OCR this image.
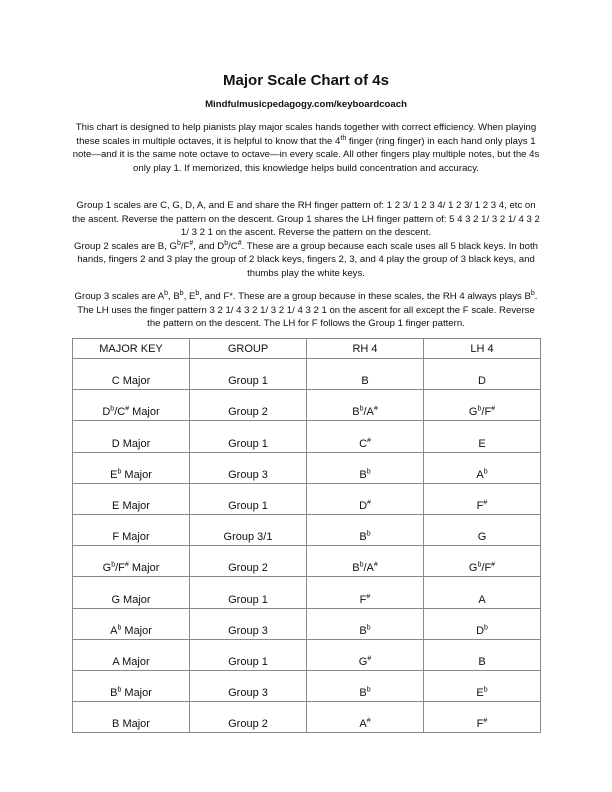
Major Scale Chart of 4s
Mindfulmusicpedagogy.com/keyboardcoach

This chart is designed to help pianists play major scales hands together with correct efficiency. When playing these scales in multiple octaves, it is helpful to know that the 4th finger (ring finger) in each hand only plays 1 note—and it is the same note octave to octave—in every scale. All other fingers play multiple notes, but the 4s only play 1. If memorized, this knowledge helps build concentration and accuracy.

Group 1 scales are C, G, D, A, and E and share the RH finger pattern of: 1 2 3/ 1 2 3 4/ 1 2 3/ 1 2 3 4, etc on the ascent. Reverse the pattern on the descent. Group 1 shares the LH finger pattern of: 5 4 3 2 1/ 3 2 1/ 4 3 2 1/ 3 2 1 on the ascent. Reverse the pattern on the descent.
Group 2 scales are B, $G^b/F^{\#}$, and $D^b/C^{\#}$. These are a group because each scale uses all 5 black keys. In both hands, fingers 2 and 3 play the group of 2 black keys, fingers 2, 3, and 4 play the group of 3 black keys, and thumbs play the white keys.

Group 3 scales are $A^b$, $B^b$, $E^b$, and F*. These are a group because in these scales, the RH 4 always plays $B^b$. The LH uses the finger pattern 3 2 1/ 4 3 2 1/ 3 2 1/ 4 3 2 1 on the ascent for all except the F scale. Reverse the pattern on the descent. The LH for F follows the Group 1 finger pattern.

MAJOR KEY	GROUP	RH 4	LH 4
C Major	Group 1	B	D
$D^b/C^{\#}$ Major	Group 2	$B^b/A^{\#}$	$G^b/F^{\#}$
D Major	Group 1	C#	E
$E^b$ Major	Group 3	$B^b$	$A^b$
E Major	Group 1	D#	F#
F Major	Group 3/1	$B^b$	G
$G^b/F^{\#}$ Major	Group 2	$B^b/A^{\#}$	$G^b/F^{\#}$
G Major	Group 1	F#	A
$A^b$ Major	Group 3	$B^b$	$D^b$
A Major	Group 1	G#	B
$B^b$ Major	Group 3	$B^b$	$E^b$
B Major	Group 2	A#	F#
